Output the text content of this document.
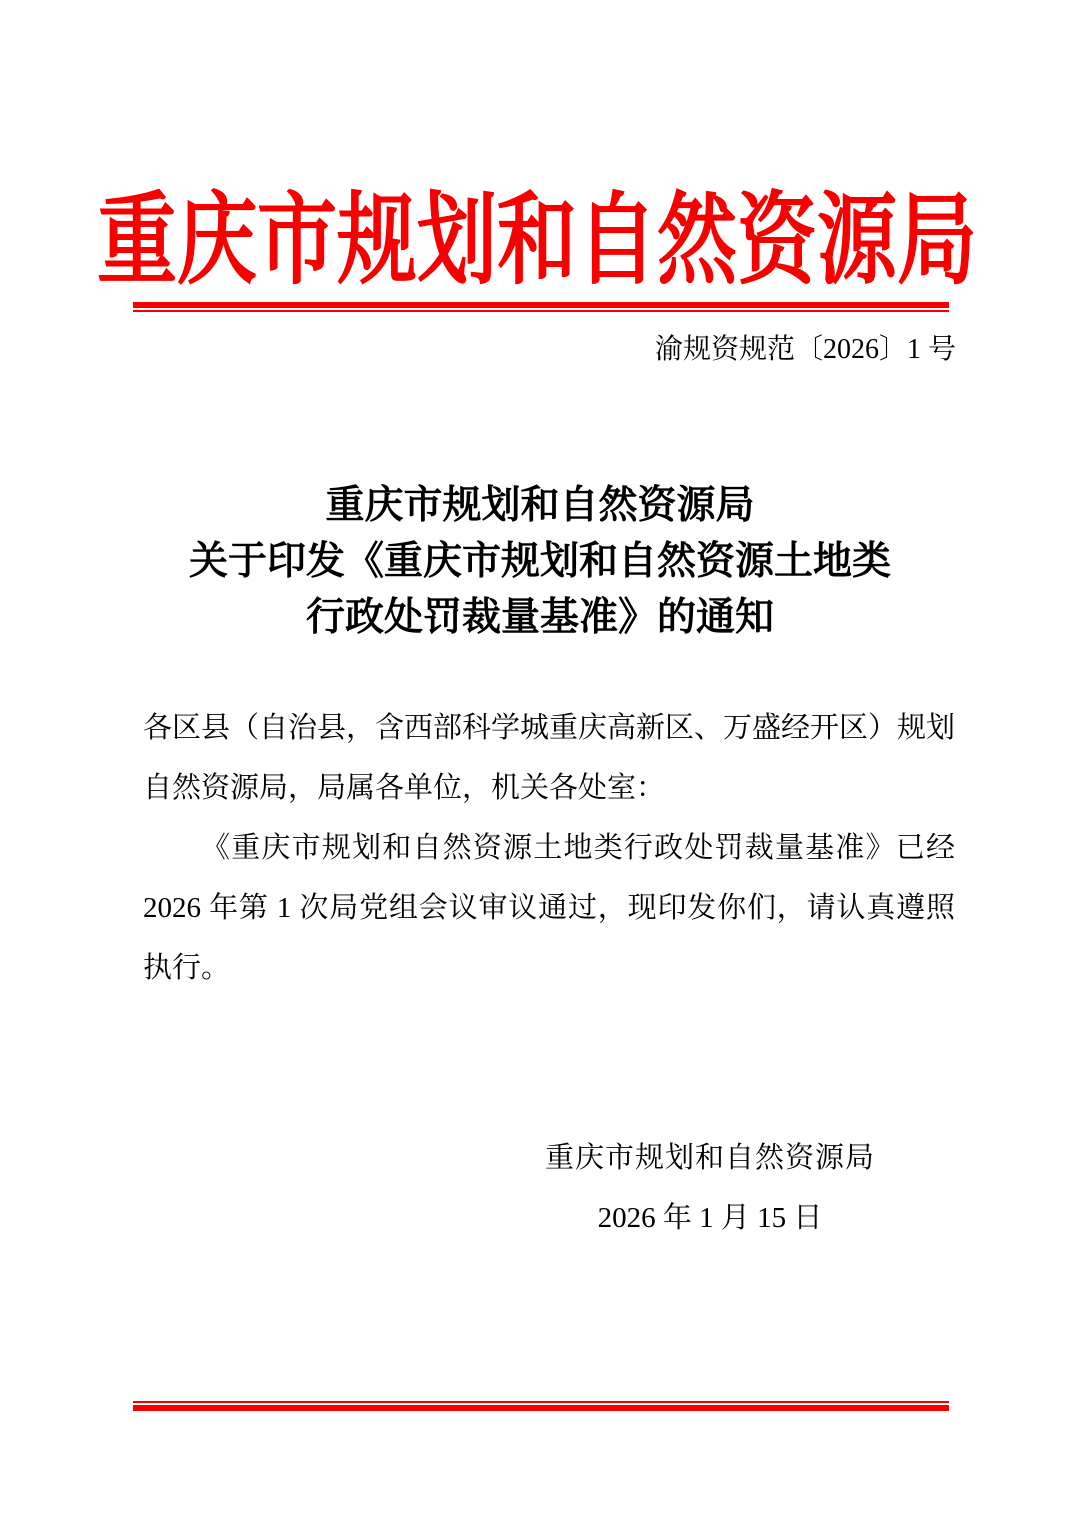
重庆市规划和自然资源局
渝规资规范〔2026〕1 号
重庆市规划和自然资源局
关于印发《重庆市规划和自然资源土地类
行政处罚裁量基准》的通知

各区县（自治县，含西部科学城重庆高新区、万盛经开区）规划自然资源局，局属各单位，机关各处室：

《重庆市规划和自然资源土地类行政处罚裁量基准》已经 2026 年第 1 次局党组会议审议通过，现印发你们，请认真遵照执行。

重庆市规划和自然资源局
2026 年 1 月 15 日
